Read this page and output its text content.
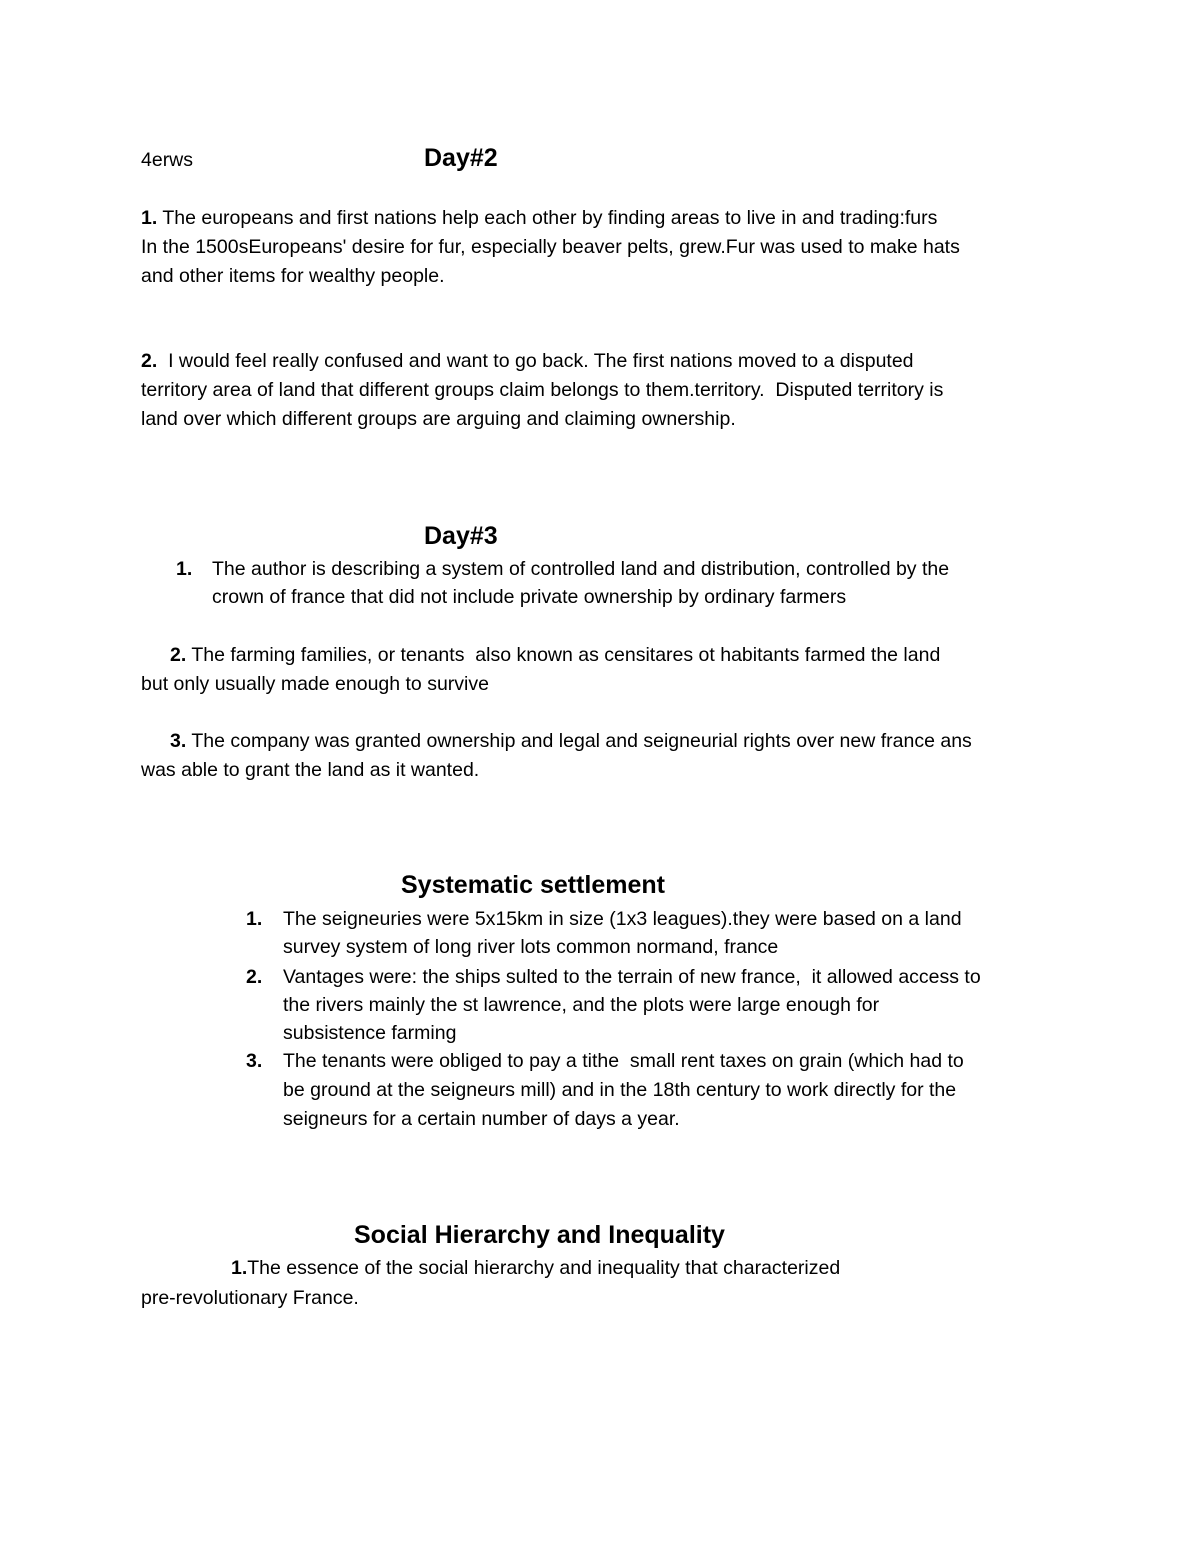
4erws	Day#2
1. The europeans and first nations help each other by finding areas to live in and trading:furs
In the 1500sEuropeans' desire for fur, especially beaver pelts, grew.Fur was used to make hats
and other items for wealthy people.
2.  I would feel really confused and want to go back. The first nations moved to a disputed
territory area of land that different groups claim belongs to them.territory.  Disputed territory is
land over which different groups are arguing and claiming ownership.
Day#3
1. The author is describing a system of controlled land and distribution, controlled by the
crown of france that did not include private ownership by ordinary farmers
2. The farming families, or tenants  also known as censitares ot habitants farmed the land
but only usually made enough to survive
3. The company was granted ownership and legal and seigneurial rights over new france ans
was able to grant the land as it wanted.
Systematic settlement
1. The seigneuries were 5x15km in size (1x3 leagues).they were based on a land
survey system of long river lots common normand, france
2. Vantages were: the ships sulted to the terrain of new france,  it allowed access to
the rivers mainly the st lawrence, and the plots were large enough for
subsistence farming
3. The tenants were obliged to pay a tithe  small rent taxes on grain (which had to
be ground at the seigneurs mill) and in the 18th century to work directly for the
seigneurs for a certain number of days a year.
Social Hierarchy and Inequality
1.The essence of the social hierarchy and inequality that characterized
pre-revolutionary France.
